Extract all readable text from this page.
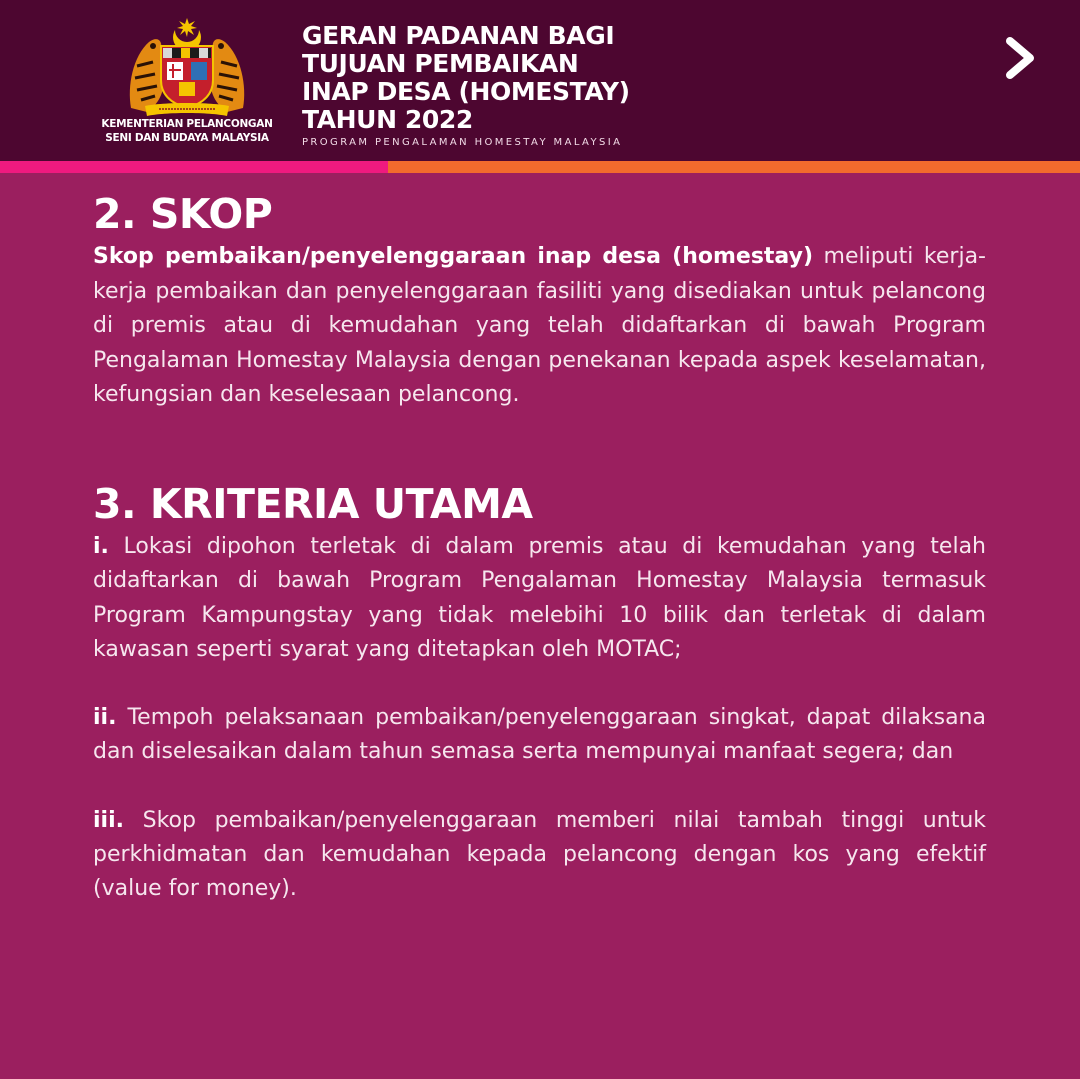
KEMENTERIAN PELANCONGAN
SENI DAN BUDAYA MALAYSIA
GERAN PADANAN BAGI
TUJUAN PEMBAIKAN
INAP DESA (HOMESTAY)
TAHUN 2022
PROGRAM PENGALAMAN HOMESTAY MALAYSIA
2. SKOP

Skop pembaikan/penyelenggaraan inap desa (homestay) meliputi kerja-kerja pembaikan dan penyelenggaraan fasiliti yang disediakan untuk pelancong di premis atau di kemudahan yang telah didaftarkan di bawah Program Pengalaman Homestay Malaysia dengan penekanan kepada aspek keselamatan, kefungsian dan keselesaan pelancong.

3. KRITERIA UTAMA

i. Lokasi dipohon terletak di dalam premis atau di kemudahan yang telah didaftarkan di bawah Program Pengalaman Homestay Malaysia termasuk Program Kampungstay yang tidak melebihi 10 bilik dan terletak di dalam kawasan seperti syarat yang ditetapkan oleh MOTAC;

ii. Tempoh pelaksanaan pembaikan/penyelenggaraan singkat, dapat dilaksana dan diselesaikan dalam tahun semasa serta mempunyai manfaat segera; dan

iii. Skop pembaikan/penyelenggaraan memberi nilai tambah tinggi untuk perkhidmatan dan kemudahan kepada pelancong dengan kos yang efektif (value for money).
